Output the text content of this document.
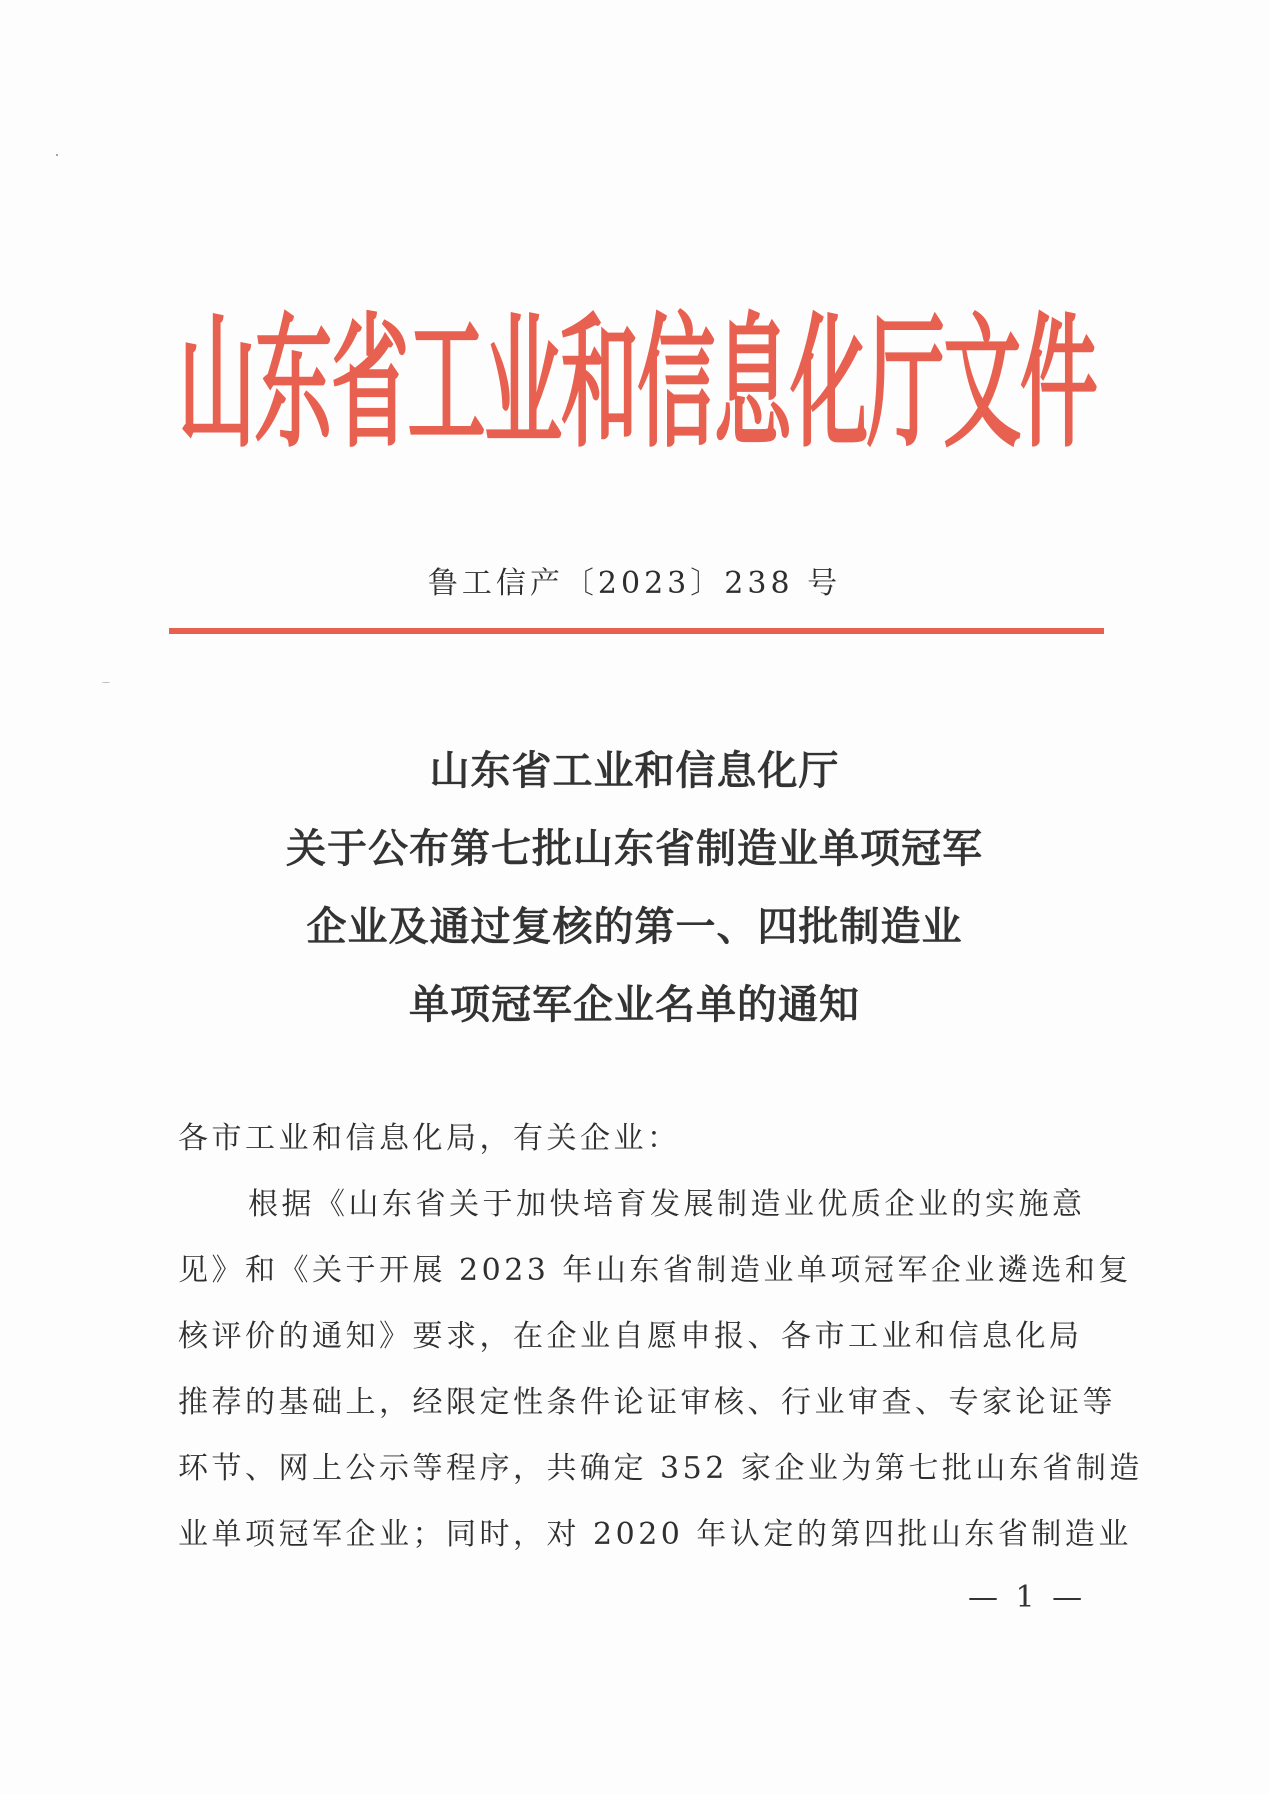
山
东
省
工
业
和
信
息
化
厅
文
件
鲁工信产〔2023〕238 号
山东省工业和信息化厅
关于公布第七批山东省制造业单项冠军
企业及通过复核的第一、四批制造业
单项冠军企业名单的通知
各市工业和信息化局，有关企业：
根据《山东省关于加快培育发展制造业优质企业的实施意
见》和《关于开展 2023 年山东省制造业单项冠军企业遴选和复
核评价的通知》要求，在企业自愿申报、各市工业和信息化局
推荐的基础上，经限定性条件论证审核、行业审查、专家论证等
环节、网上公示等程序，共确定 352 家企业为第七批山东省制造
业单项冠军企业；同时，对 2020 年认定的第四批山东省制造业
— 1 —
